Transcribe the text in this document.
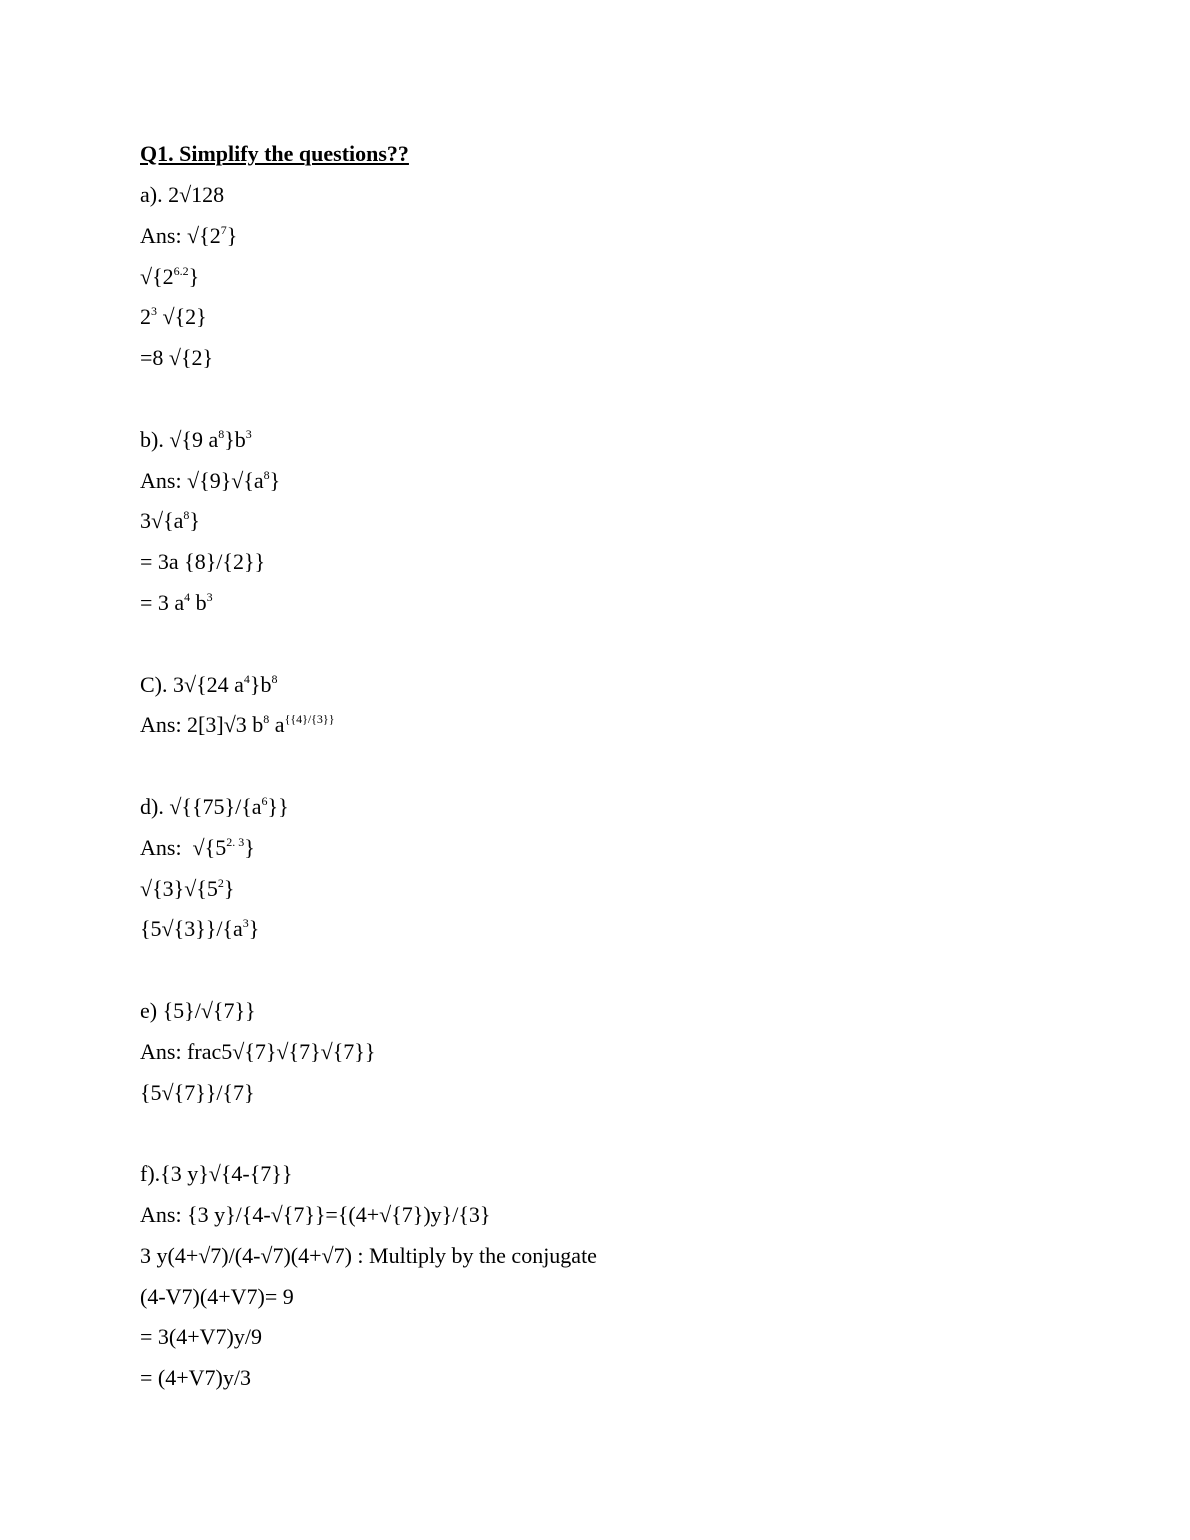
Q1. Simplify the questions??
a). 2√128
Ans: $√\{2^7\}$
$√\{2^{6.2}\}$
$2^3$ √{2}
=8 √{2}
b). √{9 $a^8\}b^3$
Ans: $√\{9\}√\{a^8\}$
$3√\{a^8\}$
= 3a {8}/{2}}
= 3 $a^4$ $b^3$
C). 3√{24 $a^4\}b^8$
Ans: 2[3]√3 $b^8$ $a^{\{\{4\}/\{3\}\}}$
d). $√\{\{75\}/\{a^6\}\}$
Ans:  $√\{5^{2. 3}\}$
$√\{3\}√\{5^2\}$
$\{5√\{3\}\}/\{a^3\}$
e) {5}/√{7}}
Ans: frac5√{7}√{7}√{7}}
{5√{7}}/{7}
f).{3 y}√{4-{7}}
Ans: {3 y}/{4-√{7}}={(4+√{7})y}/{3}
3 y(4+√7)/(4-√7)(4+√7) : Multiply by the conjugate
(4-V7)(4+V7)= 9
= 3(4+V7)y/9
= (4+V7)y/3
